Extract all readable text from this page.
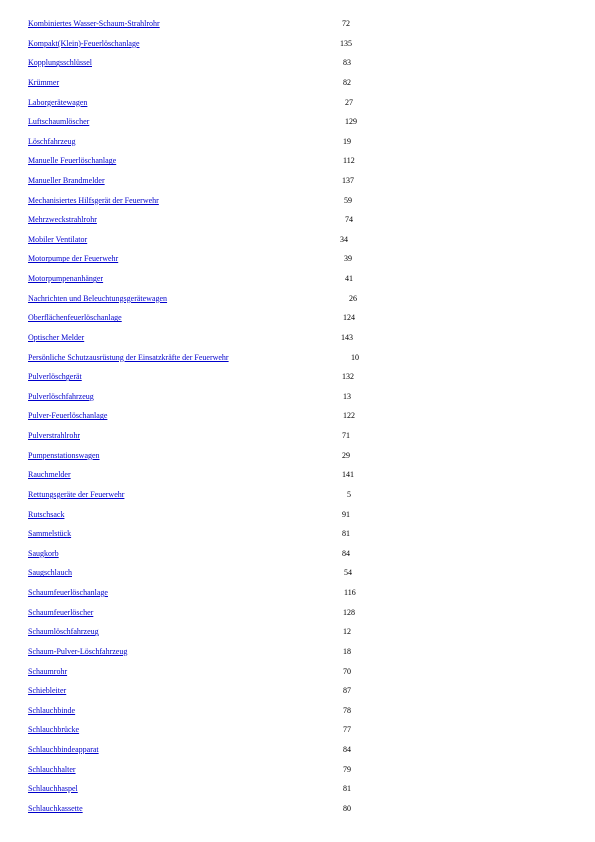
Kombiniertes Wasser-Schaum-Strahlrohr	72
Kompakt(Klein)-Feuerlöschanlage	135
Kopplungsschlüssel	83
Krümmer	82
Laborgerätewagen	27
Luftschaumlöscher	129
Löschfahrzeug	19
Manuelle Feuerlöschanlage	112
Manueller Brandmelder	137
Mechanisiertes Hilfsgerät der Feuerwehr	59
Mehrzweckstrahlrohr	74
Mobiler Ventilator	34
Motorpumpe der Feuerwehr	39
Motorpumpenanhänger	41
Nachrichten und Beleuchtungsgerätewagen	26
Oberflächenfeuerlöschanlage	124
Optischer Melder	143
Persönliche Schutzausrüstung der Einsatzkräfte der Feuerwehr	10
Pulverlöschgerät	132
Pulverlöschfahrzeug	13
Pulver-Feuerlöschanlage	122
Pulverstrahlrohr	71
Pumpenstationswagen	29
Rauchmelder	141
Rettungsgeräte der Feuerwehr	5
Rutschsack	91
Sammelstück	81
Saugkorb	84
Saugschlauch	54
Schaumfeuerlöschanlage	116
Schaumfeuerlöscher	128
Schaumlöschfahrzeug	12
Schaum-Pulver-Löschfahrzeug	18
Schaumrohr	70
Schiebleiter	87
Schlauchbinde	78
Schlauchbrücke	77
Schlauchbindeapparat	84
Schlauchhalter	79
Schlauchhaspel	81
Schlauchkassette	80
